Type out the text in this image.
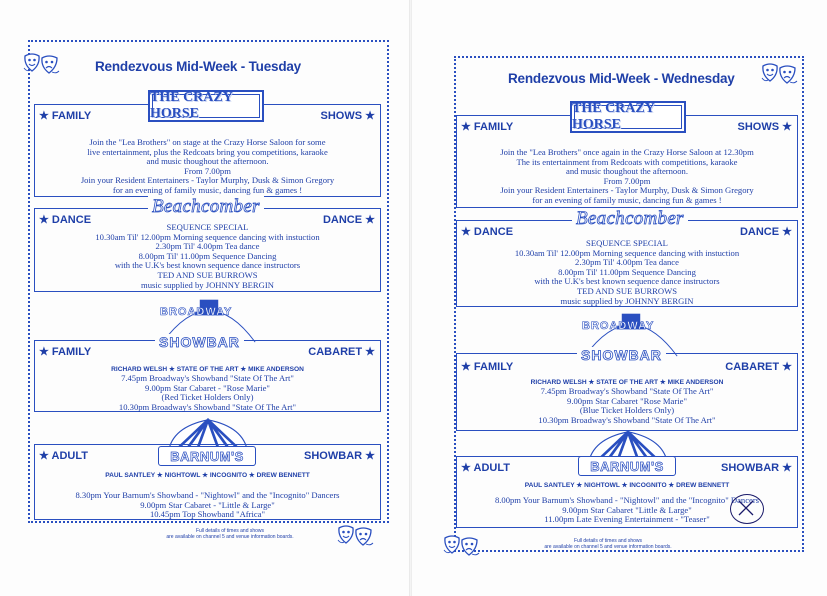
Rendezvous Mid-Week - Tuesday
★ FAMILY	SHOWS ★
Join the "Lea Brothers" on stage at the Crazy Horse Saloon for some
live entertainment, plus the Redcoats bring you competitions, karaoke
and music thoughout the afternoon.
From 7.00pm
Join your Resident Entertainers - Taylor Murphy, Dusk & Simon Gregory
for an evening of family music, dancing fun & games !
THE CRAZY HORSE
★ DANCE	DANCE ★
SEQUENCE SPECIAL
10.30am Til' 12.00pm Morning sequence dancing with instuction
2.30pm Til' 4.00pm Tea dance
8.00pm Til' 11.00pm Sequence Dancing
with the U.K's best known sequence dance instructors
TED AND SUE BURROWS
music supplied by JOHNNY BERGIN
Beachcomber
BROADWAY
★ FAMILY	CABARET ★
RICHARD WELSH ★ STATE OF THE ART ★ MIKE ANDERSON
7.45pm Broadway's Showband "State Of The Art"
9.00pm Star Cabaret - "Rose Marie"
(Red Ticket Holders Only)
10.30pm Broadway's Showband "State Of The Art"
SHOWBAR
★ ADULT	SHOWBAR ★
PAUL SANTLEY ★ NIGHTOWL ★ INCOGNITO ★ DREW BENNETT
8.30pm Your Barnum's Showband - "Nightowl" and the "Incognito" Dancers
9.00pm Star Cabaret - "Little & Large"
10.45pm Top Showband "Africa"
BARNUM'S
Full details of times and shows
are available on channel 5 and venue information boards.
Rendezvous Mid-Week - Wednesday
★ FAMILY	SHOWS ★
Join the "Lea Brothers" once again in the Crazy Horse Saloon at 12.30pm
The its entertainment from Redcoats with competitions, karaoke
and music thoughout the afternoon.
From 7.00pm
Join your Resident Entertainers - Taylor Murphy, Dusk & Simon Gregory
for an evening of family music, dancing fun & games !
THE CRAZY HORSE
★ DANCE	DANCE ★
SEQUENCE SPECIAL
10.30am Til' 12.00pm Morning sequence dancing with instuction
2.30pm Til' 4.00pm Tea dance
8.00pm Til' 11.00pm Sequence Dancing
with the U.K's best known sequence dance instructors
TED AND SUE BURROWS
music supplied by JOHNNY BERGIN
Beachcomber
BROADWAY
★ FAMILY	CABARET ★
RICHARD WELSH ★ STATE OF THE ART ★ MIKE ANDERSON
7.45pm Broadway's Showband "State Of The Art"
9.00pm Star Cabaret "Rose Marie"
(Blue Ticket Holders Only)
10.30pm Broadway's Showband "State Of The Art"
SHOWBAR
★ ADULT	SHOWBAR ★
PAUL SANTLEY ★ NIGHTOWL ★ INCOGNITO ★ DREW BENNETT
8.00pm Your Barnum's Showband - "Nightowl" and the "Incognito" Dancers
9.00pm Star Cabaret "Little & Large"
11.00pm Late Evening Entertainment - "Teaser"
BARNUM'S
Full details of times and shows
are available on channel 5 and venue information boards.
